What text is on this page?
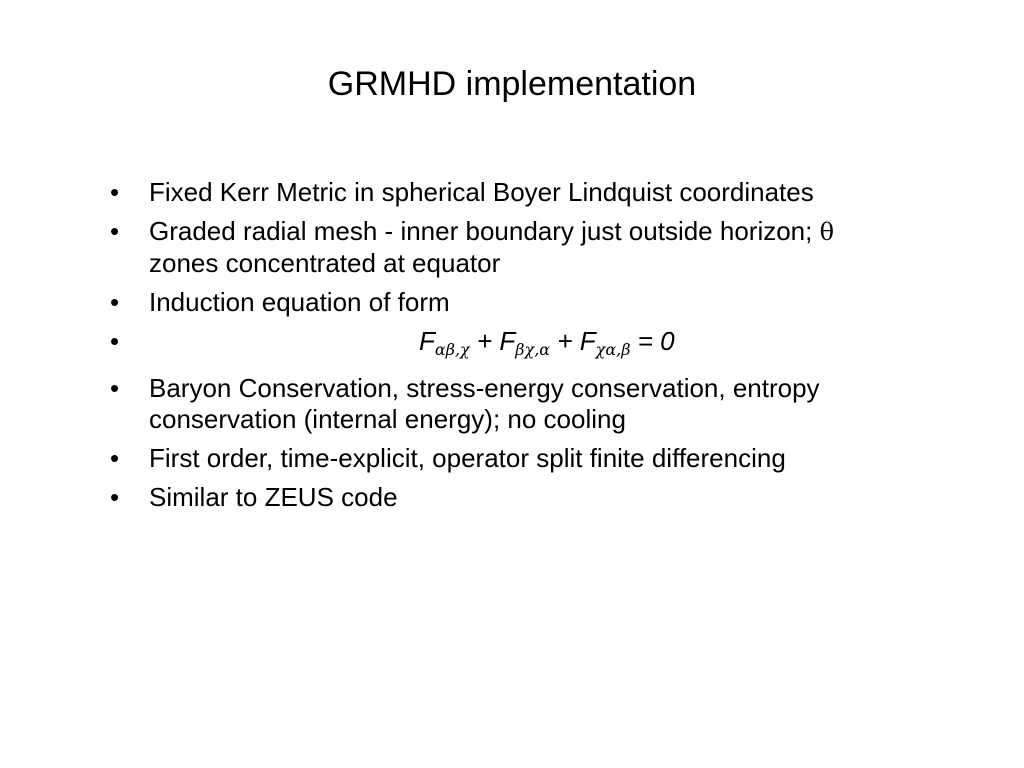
GRMHD implementation
•	Fixed Kerr Metric in spherical Boyer Lindquist coordinates
•	Graded radial mesh - inner boundary just outside horizon; θ zones concentrated at equator
•	Induction equation of form
•	$F_{\alpha\beta,\chi} + F_{\beta\chi,\alpha} + F_{\chi\alpha,\beta} = 0$
•	Baryon Conservation, stress-energy conservation, entropy conservation (internal energy); no cooling
•	First order, time-explicit, operator split finite differencing
•	Similar to ZEUS code
